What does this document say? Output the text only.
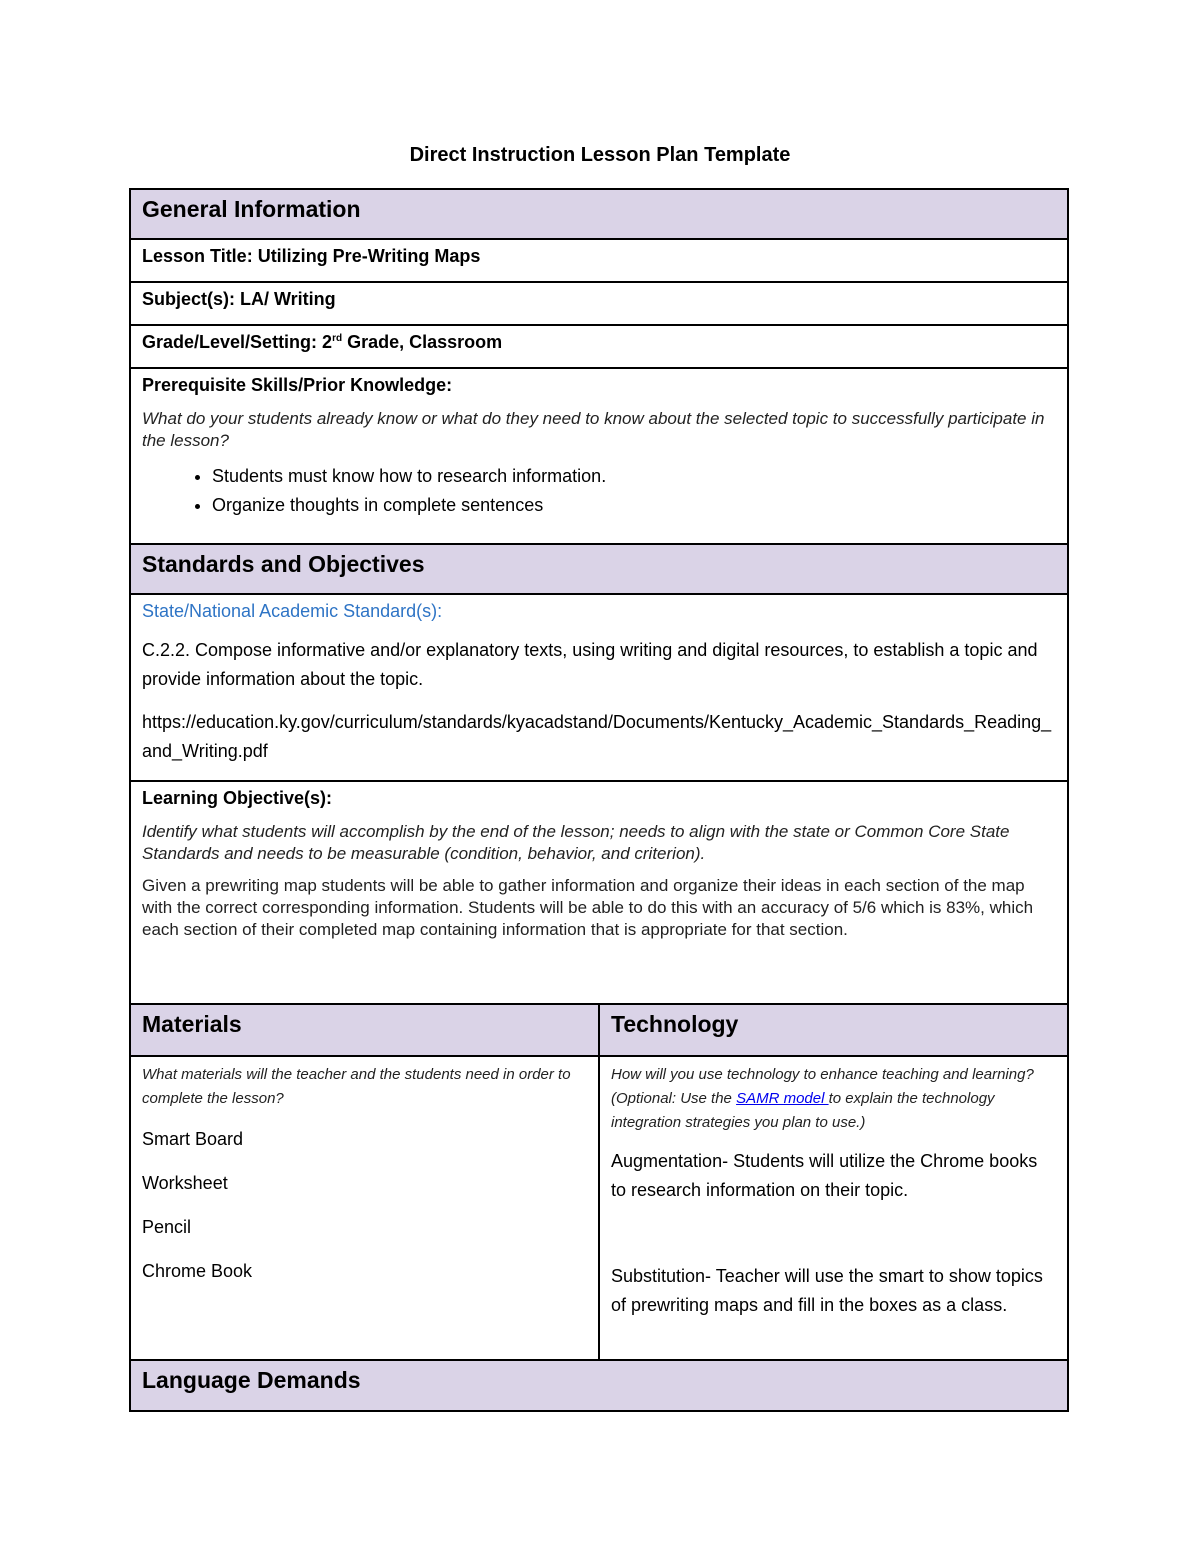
Direct Instruction Lesson Plan Template
General Information
Lesson Title: Utilizing Pre-Writing Maps
Subject(s): LA/ Writing
Grade/Level/Setting: 2rd Grade, Classroom
Prerequisite Skills/Prior Knowledge:
What do your students already know or what do they need to know about the selected topic to successfully participate in the lesson?
• Students must know how to research information.
• Organize thoughts in complete sentences
Standards and Objectives
State/National Academic Standard(s):

C.2.2. Compose informative and/or explanatory texts, using writing and digital resources, to establish a topic and provide information about the topic.

https://education.ky.gov/curriculum/standards/kyacadstand/Documents/Kentucky_Academic_Standards_Reading_and_Writing.pdf

Learning Objective(s):
Identify what students will accomplish by the end of the lesson; needs to align with the state or Common Core State Standards and needs to be measurable (condition, behavior, and criterion).

Given a prewriting map students will be able to gather information and organize their ideas in each section of the map with the correct corresponding information. Students will be able to do this with an accuracy of 5/6 which is 83%, which each section of their completed map containing information that is appropriate for that section.

Materials	Technology
What materials will the teacher and the students need in order to complete the lesson?

Smart Board

Worksheet

Pencil

Chrome Book

How will you use technology to enhance teaching and learning? (Optional: Use the SAMR model to explain the technology integration strategies you plan to use.)

Augmentation- Students will utilize the Chrome books to research information on their topic.

Substitution- Teacher will use the smart to show topics of prewriting maps and fill in the boxes as a class.

Language Demands
